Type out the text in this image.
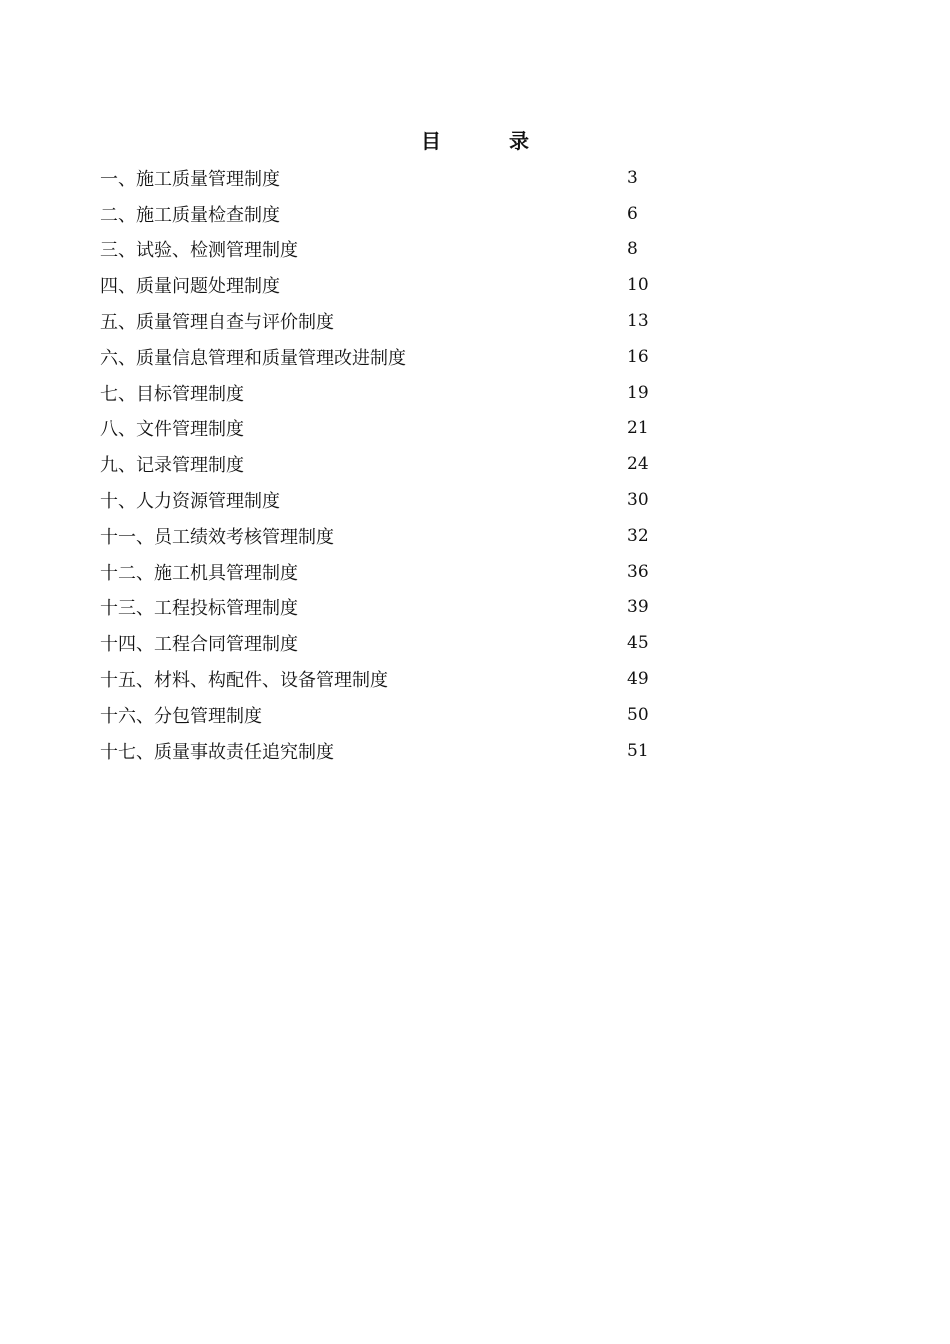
目　录
一、施工质量管理制度	3
二、施工质量检查制度	6
三、试验、检测管理制度	8
四、质量问题处理制度	10
五、质量管理自查与评价制度	13
六、质量信息管理和质量管理改进制度	16
七、目标管理制度	19
八、文件管理制度	21
九、记录管理制度	24
十、人力资源管理制度	30
十一、员工绩效考核管理制度	32
十二、施工机具管理制度	36
十三、工程投标管理制度	39
十四、工程合同管理制度	45
十五、材料、构配件、设备管理制度	49
十六、分包管理制度	50
十七、质量事故责任追究制度	51
